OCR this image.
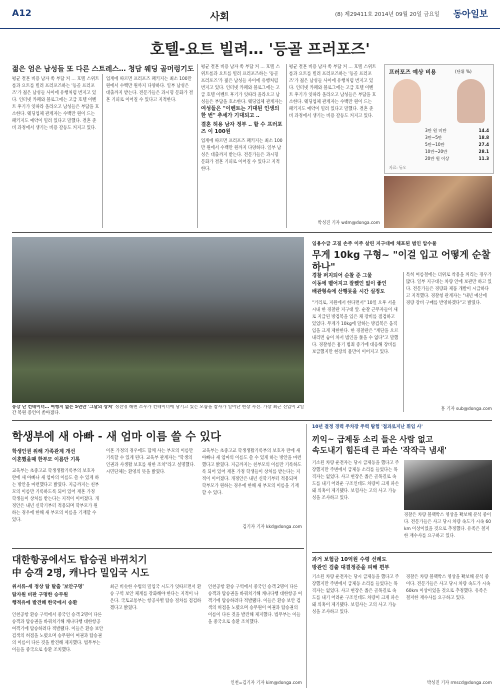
A12	사회	(8) 제29411호 2014년 09월 20일 금요일 동아일보
호텔-요트 빌려… '등골 프러포즈'
젊은 엄은 남성들 또 다른 스트레스… 청담 웨딩 골머렁기도
평균 결혼 비용 남자 쪽 부담 커 … 호텔 스위트룸과 요트를 빌려 프러포즈하는 '등골 프러포즈'가 젊은 남성들 사이에 유행처럼 번지고 있다. 인터넷 카페와 블로그에는 고급 호텔 이벤트 후기가 잇따라 올라오고 남성들은 부담을 호소한다. 웨딩업체 관계자는 수백만 원이 드는 패키지도 예약이 밀려 있다고 말했다. 결혼 준비 과정에서 생기는 비용 갈등도 커지고 있다.
업계에 따르면 프러포즈 패키지는 최소 100만 원에서 수백만 원까지 다양하다. 일부 남성은 대출까지 받는다. 전문가들은 과시형 문화가 결혼 기피로 이어질 수 있다고 지적한다.
평균 결혼 비용 남자 쪽 부담 커 … 호텔 스위트룸과 요트를 빌려 프러포즈하는 '등골 프러포즈'가 젊은 남성들 사이에 유행처럼 번지고 있다. 인터넷 카페와 블로그에는 고급 호텔 이벤트 후기가 잇따라 올라오고 남성들은 부담을 호소한다. 웨딩업체 관계자는
여성들은 "이벤트는 기대된 인생의 한 번" 추세가 기대되고 ‥
결혼 허용 남자 정부 ‥ 할 수 프러포즈 이 100원
업계에 따르면 프러포즈 패키지는 최소 100만 원에서 수백만 원까지 다양하다. 일부 남성은 대출까지 받는다. 전문가들은 과시형 문화가 결혼 기피로 이어질 수 있다고 지적한다.
평균 결혼 비용 남자 쪽 부담 커 … 호텔 스위트룸과 요트를 빌려 프러포즈하는 '등골 프러포즈'가 젊은 남성들 사이에 유행처럼 번지고 있다. 인터넷 카페와 블로그에는 고급 호텔 이벤트 후기가 잇따라 올라오고 남성들은 부담을 호소한다. 웨딩업체 관계자는 수백만 원이 드는 패키지도 예약이 밀려 있다고 말했다. 결혼 준비 과정에서 생기는 비용 갈등도 커지고 있다.
박성진 기자 wdm@donga.com
프러포즈 예상 비용	(단위 %)
3만 원 미만	14.4
3만~5만	18.8
5만~10만	27.4
10만~20만	28.1
20만 원 이상	11.3
자료: 듀오
동강 난 컨테이너… 여행지 없는 5년만 '그날의 상처' 정진영 해변 소우가 컨테이너에 당기고 있는 모습을 참사가 일어난 현장 사진. 가장 최근 진입이 2일 간 복원 증언이 쏟아졌다.
임용수급 고질 손주 이주 살린 지구대에 체포된 범인 압수물
무게 10kg 구형~ "이걸 입고 어떻게 순찰하나"
경찰 퍼지되어 순찰 준 그물
이동에 벨어지고 잘쨌인 없이 좋인
배관형속에 산행못을 시간 실정도
"거리로, 지원에서 한다면서" 10일 오후 서울 시내 한 경찰관 지구대 앞. 순찰 근무자들이 새로 지급된 방검복을 입은 채 장비를 점검하고 있었다. 무게가 10kg에 달하는 방검복은 움직임을 크게 제한한다. 한 경찰관은 "계단을 오르내리면 숨이 차서 범인을 쫓을 수 없다"고 말했다. 경찰청은 흉기 범죄 증가에 대응해 장비를 보급했지만 현장의 불만이 이어지고 있다.
특히 여름철에는 더위로 착용을 꺼리는 경우가 많다. 일부 지구대는 차량 안에 보관만 하고 있다. 전문가들은 경량화 제품 개발이 시급하다고 지적했다. 경찰청 관계자는 "내년 예산에 경량 장비 구매를 반영하겠다"고 밝혔다.
홍 기자 sub@donga.com
학생부에 새 아빠 - 새 엄마 이름 쓸 수 있다
학생인권 위해 가족관계 개선
이혼했을때 한부모 이름만 기록
교육부는 초중고교 학생생활기록부의 보호자 란에 새 아빠나 새 엄마의 이름도 쓸 수 있게 하는 방안을 마련했다고 밝혔다. 지금까지는 친부모의 이름만 기록하도록 되어 있어 재혼 가정 학생들이 상처를 받는다는 지적이 이어졌다. 개정안은 내년 신학기부터 적용되며 학부모가 원하는 경우에 한해 새 부모의 이름을 기재할 수 있다.
이혼 가정의 경우에도 함께 사는 부모의 이름만 기록할 수 있게 된다. 교육부 관계자는 "학생의 인권과 사생활 보호를 위한 조치"라고 설명했다. 시민단체는 환영의 뜻을 밝혔다.
교육부는 초중고교 학생생활기록부의 보호자 란에 새 아빠나 새 엄마의 이름도 쓸 수 있게 하는 방안을 마련했다고 밝혔다. 지금까지는 친부모의 이름만 기록하도록 되어 있어 재혼 가정 학생들이 상처를 받는다는 지적이 이어졌다. 개정안은 내년 신학기부터 적용되며 학부모가 원하는 경우에 한해 새 부모의 이름을 기재할 수 있다.
김기자 기자 kkd@donga.com
10년 결정 경력 주차장 주력 탐험 '접과로지난 휘임 사'
끼익~ 급제동 소리 들은 사람 없고
속도내기 힘든데 큰 파손 '작작극 냄새'
기소된 차량 운전자는 당시 급제동을 했다고 주장했지만 주변에서 급제동 소리를 들었다는 목격자는 없었다. 사고 현장은 좁은 골목길로 속도를 내기 어려운 구조인데도 차량이 크게 파손돼 의혹이 제기됐다. 보험사는 고의 사고 가능성을 조사하고 있다.
경찰은 차량 블랙박스 영상을 확보해 분석 중이다. 전문가들은 사고 당시 차량 속도가 시속 60km 이상이었을 것으로 추정했다. 유족은 철저한 재수사를 요구하고 있다.
대한항공에서도 탑승권 바뀌치기
中 승객 2명, 캐나다 밀입국 시도
위서류-세 정상 탑 탈출 '보안구멍'
탑자원 비판 구멍한 승무원
행적유에 발견해 한국에서 송환
인천공항 환승 구역에서 중국인 승객 2명이 다른 승객과 탑승권을 바꿔치기해 캐나다행 대한항공 여객기에 탑승하려다 적발됐다. 이들은 환승 보안 검색의 허점을 노렸으며 승무원이 여권과 탑승권의 이름이 다른 것을 발견해 제지했다. 법무부는 이들을 중국으로 송환 조치했다.
최근 비슷한 수법의 밀입국 시도가 잇따르면서 환승 구역 보안 체계를 강화해야 한다는 지적이 나온다. 국토교통부는 항공사별 탑승 절차를 점검하겠다고 밝혔다.
인천공항 환승 구역에서 중국인 승객 2명이 다른 승객과 탑승권을 바꿔치기해 캐나다행 대한항공 여객기에 탑승하려다 적발됐다. 이들은 환승 보안 검색의 허점을 노렸으며 승무원이 여권과 탑승권의 이름이 다른 것을 발견해 제지했다. 법무부는 이들을 중국으로 송환 조치했다.
인천=김기자 기자 kim@donga.com
과거 보험금 10억원 수령 선례도
방관인 검출 대결정준을 피해 편부
기소된 차량 운전자는 당시 급제동을 했다고 주장했지만 주변에서 급제동 소리를 들었다는 목격자는 없었다. 사고 현장은 좁은 골목길로 속도를 내기 어려운 구조인데도 차량이 크게 파손돼 의혹이 제기됐다. 보험사는 고의 사고 가능성을 조사하고 있다.
경찰은 차량 블랙박스 영상을 확보해 분석 중이다. 전문가들은 사고 당시 차량 속도가 시속 60km 이상이었을 것으로 추정했다. 유족은 철저한 재수사를 요구하고 있다.
박성진 기자 rmscd@donga.com
